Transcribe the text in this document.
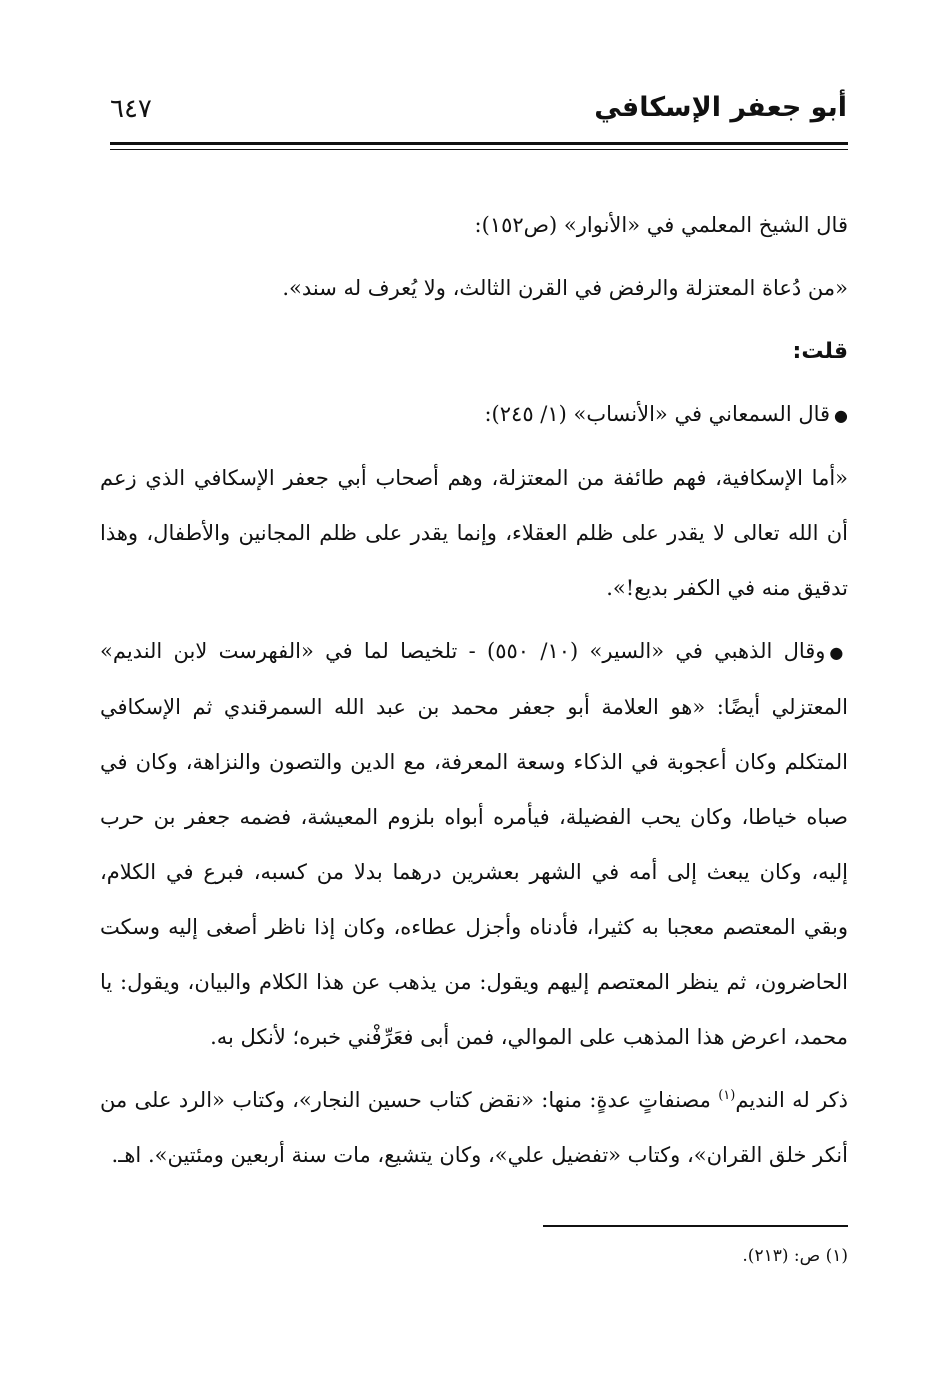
أبو جعفر الإسكافي
٦٤٧

قال الشيخ المعلمي في «الأنوار» (ص١٥٢):

«من دُعاة المعتزلة والرفض في القرن الثالث، ولا يُعرف له سند».

قلت:

●قال السمعاني في «الأنساب» (١/ ٢٤٥):

«أما الإسكافية، فهم طائفة من المعتزلة، وهم أصحاب أبي جعفر الإسكافي الذي زعم أن الله تعالى لا يقدر على ظلم العقلاء، وإنما يقدر على ظلم المجانين والأطفال، وهذا تدقيق منه في الكفر بديع!».

●وقال الذهبي في «السير» (١٠/ ٥٥٠) - تلخيصا لما في «الفهرست لابن النديم» المعتزلي أيضًا: «هو العلامة أبو جعفر محمد بن عبد الله السمرقندي ثم الإسكافي المتكلم وكان أعجوبة في الذكاء وسعة المعرفة، مع الدين والتصون والنزاهة، وكان في صباه خياطا، وكان يحب الفضيلة، فيأمره أبواه بلزوم المعيشة، فضمه جعفر بن حرب إليه، وكان يبعث إلى أمه في الشهر بعشرين درهما بدلا من كسبه، فبرع في الكلام، وبقي المعتصم معجبا به كثيرا، فأدناه وأجزل عطاءه، وكان إذا ناظر أصغى إليه وسكت الحاضرون، ثم ينظر المعتصم إليهم ويقول: من يذهب عن هذا الكلام والبيان، ويقول: يا محمد، اعرض هذا المذهب على الموالي، فمن أبى فعَرِّفْني خبره؛ لأنكل به.

ذكر له النديم$^{(١)}$ مصنفاتٍ عدةٍ: منها: «نقض كتاب حسين النجار»، وكتاب «الرد على من أنكر خلق القران»، وكتاب «تفضيل علي»، وكان يتشيع، مات سنة أربعين ومئتين». اهـ.

(١) ص: (٢١٣).
